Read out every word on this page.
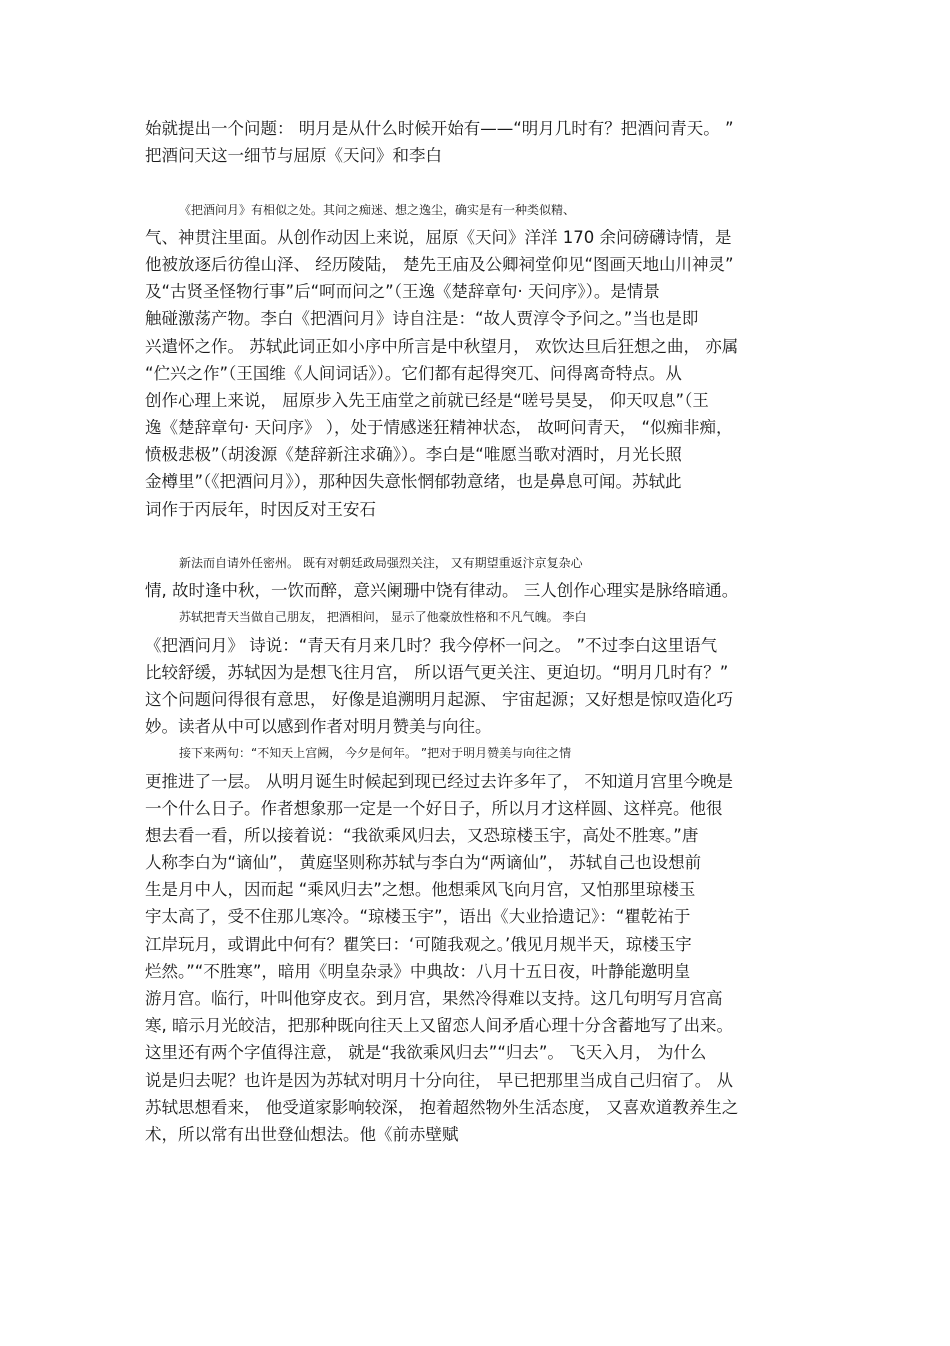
始就提出一个问题： 明月是从什么时候开始有——“明月几时有？把酒问青天。 ”
把酒问天这一细节与屈原《天问》和李白
《把酒问月》有相似之处。其问之痴迷、想之逸尘，确实是有一种类似精、
气、神贯注里面。从创作动因上来说，屈原《天问》洋洋 170 余问磅礴诗情，是
他被放逐后彷徨山泽、 经历陵陆， 楚先王庙及公卿祠堂仰见“图画天地山川神灵”
及“古贤圣怪物行事”后“呵而问之”（王逸《楚辞章句· 天问序》）。是情景
触碰激荡产物。李白《把酒问月》诗自注是：“故人贾淳令予问之。”当也是即
兴遣怀之作。 苏轼此词正如小序中所言是中秋望月， 欢饮达旦后狂想之曲， 亦属
“伫兴之作”（王国维《人间词话》）。它们都有起得突兀、问得离奇特点。从
创作心理上来说， 屈原步入先王庙堂之前就已经是“嗟号昊旻， 仰天叹息”（王
逸《楚辞章句· 天问序》 ），处于情感迷狂精神状态， 故呵问青天， “似痴非痴，
愤极悲极”（胡浚源《楚辞新注求确》）。李白是“唯愿当歌对酒时，月光长照
金樽里”（《把酒问月》），那种因失意怅惘郁勃意绪，也是鼻息可闻。苏轼此
词作于丙辰年，时因反对王安石
新法而自请外任密州。 既有对朝廷政局强烈关注， 又有期望重返汴京复杂心
情, 故时逢中秋，一饮而醉，意兴阑珊中饶有律动。 三人创作心理实是脉络暗通。
苏轼把青天当做自己朋友， 把酒相问， 显示了他豪放性格和不凡气魄。 李白
《把酒问月》 诗说：“青天有月来几时？我今停杯一问之。 ”不过李白这里语气
比较舒缓，苏轼因为是想飞往月宫， 所以语气更关注、更迫切。“明月几时有？”
这个问题问得很有意思， 好像是追溯明月起源、 宇宙起源；又好想是惊叹造化巧
妙。读者从中可以感到作者对明月赞美与向往。
接下来两句：“不知天上宫阙， 今夕是何年。 ”把对于明月赞美与向往之情
更推进了一层。 从明月诞生时候起到现已经过去许多年了， 不知道月宫里今晚是
一个什么日子。作者想象那一定是一个好日子，所以月才这样圆、这样亮。他很
想去看一看，所以接着说：“我欲乘风归去，又恐琼楼玉宇，高处不胜寒。”唐
人称李白为“谪仙”， 黄庭坚则称苏轼与李白为“两谪仙”， 苏轼自己也设想前
生是月中人，因而起 “乘风归去”之想。他想乘风飞向月宫，又怕那里琼楼玉
宇太高了，受不住那儿寒冷。“琼楼玉宇”，语出《大业拾遗记》：“瞿乾祐于
江岸玩月，或谓此中何有？瞿笑曰：‘可随我观之。’俄见月规半天，琼楼玉宇
烂然。”“不胜寒”，暗用《明皇杂录》中典故：八月十五日夜，叶静能邀明皇
游月宫。临行，叶叫他穿皮衣。到月宫，果然冷得难以支持。这几句明写月宫高
寒, 暗示月光皎洁，把那种既向往天上又留恋人间矛盾心理十分含蓄地写了出来。
这里还有两个字值得注意， 就是“我欲乘风归去”“归去”。 飞天入月， 为什么
说是归去呢？也许是因为苏轼对明月十分向往， 早已把那里当成自己归宿了。 从
苏轼思想看来， 他受道家影响较深， 抱着超然物外生活态度， 又喜欢道教养生之
术，所以常有出世登仙想法。他《前赤壁赋
